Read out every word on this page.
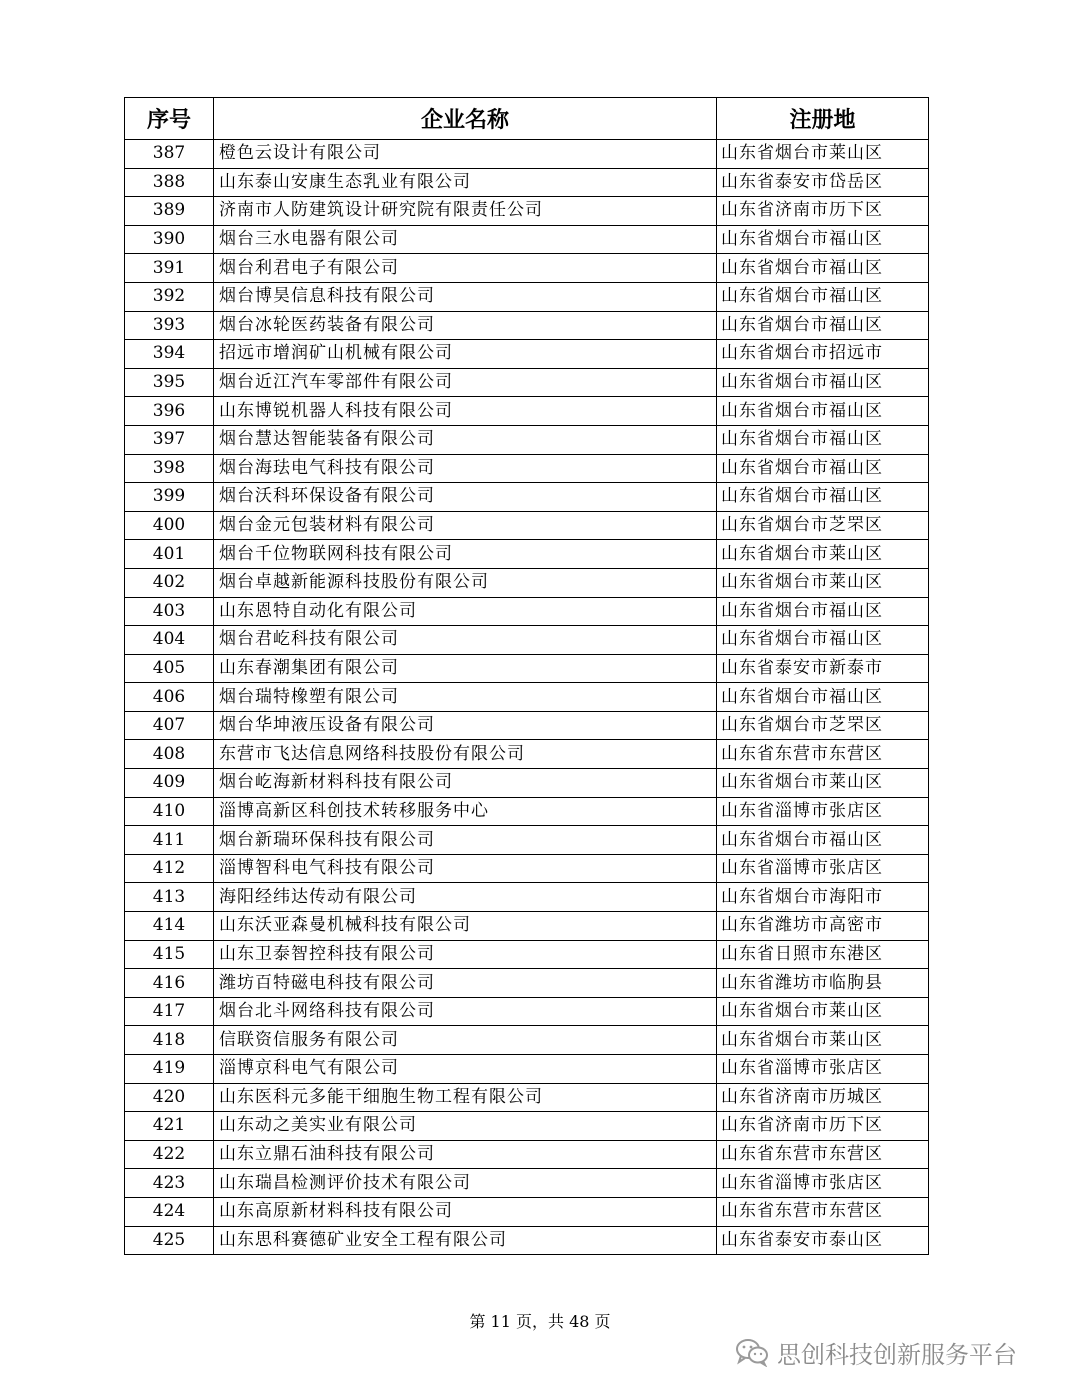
序号	企业名称	注册地
387	橙色云设计有限公司	山东省烟台市莱山区
388	山东泰山安康生态乳业有限公司	山东省泰安市岱岳区
389	济南市人防建筑设计研究院有限责任公司	山东省济南市历下区
390	烟台三水电器有限公司	山东省烟台市福山区
391	烟台利君电子有限公司	山东省烟台市福山区
392	烟台博昊信息科技有限公司	山东省烟台市福山区
393	烟台冰轮医药装备有限公司	山东省烟台市福山区
394	招远市增润矿山机械有限公司	山东省烟台市招远市
395	烟台近江汽车零部件有限公司	山东省烟台市福山区
396	山东博锐机器人科技有限公司	山东省烟台市福山区
397	烟台慧达智能装备有限公司	山东省烟台市福山区
398	烟台海珐电气科技有限公司	山东省烟台市福山区
399	烟台沃科环保设备有限公司	山东省烟台市福山区
400	烟台金元包装材料有限公司	山东省烟台市芝罘区
401	烟台千位物联网科技有限公司	山东省烟台市莱山区
402	烟台卓越新能源科技股份有限公司	山东省烟台市莱山区
403	山东恩特自动化有限公司	山东省烟台市福山区
404	烟台君屹科技有限公司	山东省烟台市福山区
405	山东春潮集团有限公司	山东省泰安市新泰市
406	烟台瑞特橡塑有限公司	山东省烟台市福山区
407	烟台华坤液压设备有限公司	山东省烟台市芝罘区
408	东营市飞达信息网络科技股份有限公司	山东省东营市东营区
409	烟台屹海新材料科技有限公司	山东省烟台市莱山区
410	淄博高新区科创技术转移服务中心	山东省淄博市张店区
411	烟台新瑞环保科技有限公司	山东省烟台市福山区
412	淄博智科电气科技有限公司	山东省淄博市张店区
413	海阳经纬达传动有限公司	山东省烟台市海阳市
414	山东沃亚森曼机械科技有限公司	山东省潍坊市高密市
415	山东卫泰智控科技有限公司	山东省日照市东港区
416	潍坊百特磁电科技有限公司	山东省潍坊市临朐县
417	烟台北斗网络科技有限公司	山东省烟台市莱山区
418	信联资信服务有限公司	山东省烟台市莱山区
419	淄博京科电气有限公司	山东省淄博市张店区
420	山东医科元多能干细胞生物工程有限公司	山东省济南市历城区
421	山东动之美实业有限公司	山东省济南市历下区
422	山东立鼎石油科技有限公司	山东省东营市东营区
423	山东瑞昌检测评价技术有限公司	山东省淄博市张店区
424	山东高原新材料科技有限公司	山东省东营市东营区
425	山东思科赛德矿业安全工程有限公司	山东省泰安市泰山区
第 11 页，共 48 页
思创科技创新服务平台
